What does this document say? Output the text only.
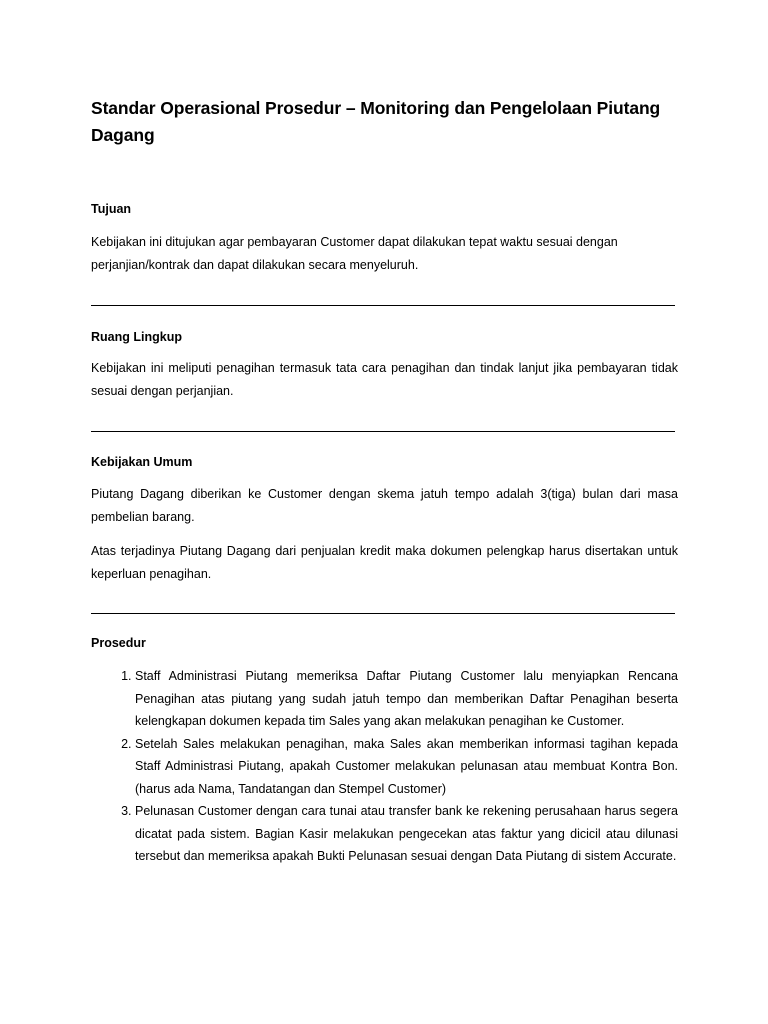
Standar Operasional Prosedur – Monitoring dan Pengelolaan Piutang Dagang

Tujuan

Kebijakan ini ditujukan agar pembayaran Customer dapat dilakukan tepat waktu sesuai dengan perjanjian/kontrak dan dapat dilakukan secara menyeluruh.

Ruang Lingkup

Kebijakan ini meliputi penagihan termasuk tata cara penagihan dan tindak lanjut jika pembayaran tidak sesuai dengan perjanjian.

Kebijakan Umum

Piutang Dagang diberikan ke Customer dengan skema jatuh tempo adalah 3(tiga) bulan dari masa pembelian barang.

Atas terjadinya Piutang Dagang dari penjualan kredit maka dokumen pelengkap harus disertakan untuk keperluan penagihan.

Prosedur

1. Staff Administrasi Piutang memeriksa Daftar Piutang Customer lalu menyiapkan Rencana Penagihan atas piutang yang sudah jatuh tempo dan memberikan Daftar Penagihan beserta kelengkapan dokumen kepada tim Sales yang akan melakukan penagihan ke Customer.
2. Setelah Sales melakukan penagihan, maka Sales akan memberikan informasi tagihan kepada Staff Administrasi Piutang, apakah Customer melakukan pelunasan atau membuat Kontra Bon. (harus ada Nama, Tandatangan dan Stempel Customer)
3. Pelunasan Customer dengan cara tunai atau transfer bank ke rekening perusahaan harus segera dicatat pada sistem. Bagian Kasir melakukan pengecekan atas faktur yang dicicil atau dilunasi tersebut dan memeriksa apakah Bukti Pelunasan sesuai dengan Data Piutang di sistem Accurate.
